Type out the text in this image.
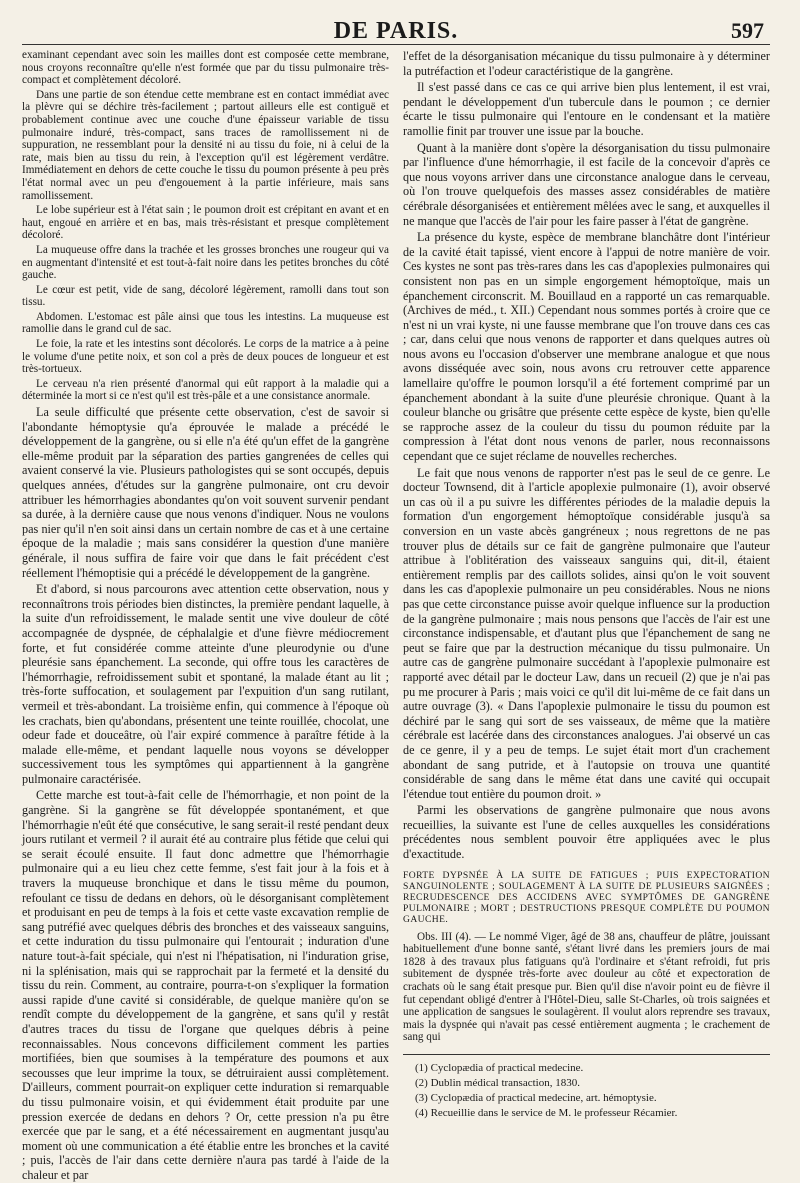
DE PARIS.	597

examinant cependant avec soin les mailles dont est composée cette membrane, nous croyons reconnaître qu'elle n'est formée que par du tissu pulmonaire très-compact et complètement décoloré.

Dans une partie de son étendue cette membrane est en contact immédiat avec la plèvre qui se déchire très-facilement ; partout ailleurs elle est contiguë et probablement continue avec une couche d'une épaisseur variable de tissu pulmonaire induré, très-compact, sans traces de ramollissement ni de suppuration, ne ressemblant pour la densité ni au tissu du foie, ni à celui de la rate, mais bien au tissu du rein, à l'exception qu'il est légèrement verdâtre. Immédiatement en dehors de cette couche le tissu du poumon présente à peu près l'état normal avec un peu d'engouement à la partie inférieure, mais sans ramollissement.

Le lobe supérieur est à l'état sain ; le poumon droit est crépitant en avant et en haut, engoué en arrière et en bas, mais très-résistant et presque complètement décoloré.

La muqueuse offre dans la trachée et les grosses bronches une rougeur qui va en augmentant d'intensité et est tout-à-fait noire dans les petites bronches du côté gauche.

Le cœur est petit, vide de sang, décoloré légèrement, ramolli dans tout son tissu.

Abdomen. L'estomac est pâle ainsi que tous les intestins. La muqueuse est ramollie dans le grand cul de sac.

Le foie, la rate et les intestins sont décolorés. Le corps de la matrice a à peine le volume d'une petite noix, et son col a près de deux pouces de longueur et est très-tortueux.

Le cerveau n'a rien présenté d'anormal qui eût rapport à la maladie qui a déterminée la mort si ce n'est qu'il est très-pâle et a une consistance anormale.

La seule difficulté que présente cette observation, c'est de savoir si l'abondante hémoptysie qu'a éprouvée le malade a précédé le développement de la gangrène, ou si elle n'a été qu'un effet de la gangrène elle-même produit par la séparation des parties gangrenées de celles qui avaient conservé la vie. Plusieurs pathologistes qui se sont occupés, depuis quelques années, d'études sur la gangrène pulmonaire, ont cru devoir attribuer les hémorrhagies abondantes qu'on voit souvent survenir pendant sa durée, à la dernière cause que nous venons d'indiquer. Nous ne voulons pas nier qu'il n'en soit ainsi dans un certain nombre de cas et à une certaine époque de la maladie ; mais sans considérer la question d'une manière générale, il nous suffira de faire voir que dans le fait précédent c'est réellement l'hémoptisie qui a précédé le développement de la gangrène.

Et d'abord, si nous parcourons avec attention cette observation, nous y reconnaîtrons trois périodes bien distinctes, la première pendant laquelle, à la suite d'un refroidissement, le malade sentit une vive douleur de côté accompagnée de dyspnée, de céphalalgie et d'une fièvre médiocrement forte, et fut considérée comme atteinte d'une pleurodynie ou d'une pleurésie sans épanchement. La seconde, qui offre tous les caractères de l'hémorrhagie, refroidissement subit et spontané, la malade étant au lit ; très-forte suffocation, et soulagement par l'expuition d'un sang rutilant, vermeil et très-abondant. La troisième enfin, qui commence à l'époque où les crachats, bien qu'abondans, présentent une teinte rouillée, chocolat, une odeur fade et douceâtre, où l'air expiré commence à paraître fétide à la malade elle-même, et pendant laquelle nous voyons se développer successivement tous les symptômes qui appartiennent à la gangrène pulmonaire caractérisée.

Cette marche est tout-à-fait celle de l'hémorrhagie, et non point de la gangrène. Si la gangrène se fût développée spontanément, et que l'hémorrhagie n'eût été que consécutive, le sang serait-il resté pendant deux jours rutilant et vermeil ? il aurait été au contraire plus fétide que celui qui se serait écoulé ensuite. Il faut donc admettre que l'hémorrhagie pulmonaire qui a eu lieu chez cette femme, s'est fait jour à la fois et à travers la muqueuse bronchique et dans le tissu même du poumon, refoulant ce tissu de dedans en dehors, où le désorganisant complètement et produisant en peu de temps à la fois et cette vaste excavation remplie de sang putréfié avec quelques débris des bronches et des vaisseaux sanguins, et cette induration du tissu pulmonaire qui l'entourait ; induration d'une nature tout-à-fait spéciale, qui n'est ni l'hépatisation, ni l'induration grise, ni la splénisation, mais qui se rapprochait par la fermeté et la densité du tissu du rein. Comment, au contraire, pourra-t-on s'expliquer la formation aussi rapide d'une cavité si considérable, de quelque manière qu'on se rendît compte du développement de la gangrène, et sans qu'il y restât d'autres traces du tissu de l'organe que quelques débris à peine reconnaissables. Nous concevons difficilement comment les parties mortifiées, bien que soumises à la température des poumons et aux secousses que leur imprime la toux, se détruiraient aussi complètement. D'ailleurs, comment pourrait-on expliquer cette induration si remarquable du tissu pulmonaire voisin, et qui évidemment était produite par une pression exercée de dedans en dehors ? Or, cette pression n'a pu être exercée que par le sang, et a été nécessairement en augmentant jusqu'au moment où une communication a été établie entre les bronches et la cavité ; puis, l'accès de l'air dans cette dernière n'aura pas tardé à l'aide de la chaleur et par

l'effet de la désorganisation mécanique du tissu pulmonaire à y déterminer la putréfaction et l'odeur caractéristique de la gangrène.

Il s'est passé dans ce cas ce qui arrive bien plus lentement, il est vrai, pendant le développement d'un tubercule dans le poumon ; ce dernier écarte le tissu pulmonaire qui l'entoure en le condensant et la matière ramollie finit par trouver une issue par la bouche.

Quant à la manière dont s'opère la désorganisation du tissu pulmonaire par l'influence d'une hémorrhagie, il est facile de la concevoir d'après ce que nous voyons arriver dans une circonstance analogue dans le cerveau, où l'on trouve quelquefois des masses assez considérables de matière cérébrale désorganisées et entièrement mêlées avec le sang, et auxquelles il ne manque que l'accès de l'air pour les faire passer à l'état de gangrène.

La présence du kyste, espèce de membrane blanchâtre dont l'intérieur de la cavité était tapissé, vient encore à l'appui de notre manière de voir. Ces kystes ne sont pas très-rares dans les cas d'apoplexies pulmonaires qui consistent non pas en un simple engorgement hémoptoïque, mais un épanchement circonscrit. M. Bouillaud en a rapporté un cas remarquable. (Archives de méd., t. XII.) Cependant nous sommes portés à croire que ce n'est ni un vrai kyste, ni une fausse membrane que l'on trouve dans ces cas ; car, dans celui que nous venons de rapporter et dans quelques autres où nous avons eu l'occasion d'observer une membrane analogue et que nous avons disséquée avec soin, nous avons cru retrouver cette apparence lamellaire qu'offre le poumon lorsqu'il a été fortement comprimé par un épanchement abondant à la suite d'une pleurésie chronique. Quant à la couleur blanche ou grisâtre que présente cette espèce de kyste, bien qu'elle se rapproche assez de la couleur du tissu du poumon réduite par la compression à l'état dont nous venons de parler, nous reconnaissons cependant que ce sujet réclame de nouvelles recherches.

Le fait que nous venons de rapporter n'est pas le seul de ce genre. Le docteur Townsend, dit à l'article apoplexie pulmonaire (1), avoir observé un cas où il a pu suivre les différentes périodes de la maladie depuis la formation d'un engorgement hémoptoïque considérable jusqu'à sa conversion en un vaste abcès gangréneux ; nous regrettons de ne pas trouver plus de détails sur ce fait de gangrène pulmonaire que l'auteur attribue à l'oblitération des vaisseaux sanguins qui, dit-il, étaient entièrement remplis par des caillots solides, ainsi qu'on le voit souvent dans les cas d'apoplexie pulmonaire un peu considérables. Nous ne nions pas que cette circonstance puisse avoir quelque influence sur la production de la gangrène pulmonaire ; mais nous pensons que l'accès de l'air est une circonstance indispensable, et d'autant plus que l'épanchement de sang ne peut se faire que par la destruction mécanique du tissu pulmonaire. Un autre cas de gangrène pulmonaire succédant à l'apoplexie pulmonaire est rapporté avec détail par le docteur Law, dans un recueil (2) que je n'ai pas pu me procurer à Paris ; mais voici ce qu'il dit lui-même de ce fait dans un autre ouvrage (3). « Dans l'apoplexie pulmonaire le tissu du poumon est déchiré par le sang qui sort de ses vaisseaux, de même que la matière cérébrale est lacérée dans des circonstances analogues. J'ai observé un cas de ce genre, il y a peu de temps. Le sujet était mort d'un crachement abondant de sang putride, et à l'autopsie on trouva une quantité considérable de sang dans le même état dans une cavité qui occupait l'étendue tout entière du poumon droit. »

Parmi les observations de gangrène pulmonaire que nous avons recueillies, la suivante est l'une de celles auxquelles les considérations précédentes nous semblent pouvoir être appliquées avec le plus d'exactitude.

FORTE DYPSNÉE À LA SUITE DE FATIGUES ; PUIS EXPECTORATION SANGUINOLENTE ; SOULAGEMENT À LA SUITE DE PLUSIEURS SAIGNÉES ; RECRUDESCENCE DES ACCIDENS AVEC SYMPTÔMES DE GANGRÈNE PULMONAIRE ; MORT ; DESTRUCTIONS PRESQUE COMPLÈTE DU POUMON GAUCHE.

Obs. III (4). — Le nommé Viger, âgé de 38 ans, chauffeur de plâtre, jouissant habituellement d'une bonne santé, s'étant livré dans les premiers jours de mai 1828 à des travaux plus fatiguans qu'à l'ordinaire et s'étant refroidi, fut pris subitement de dyspnée très-forte avec douleur au côté et expectoration de crachats où le sang était presque pur. Bien qu'il dise n'avoir point eu de fièvre il fut cependant obligé d'entrer à l'Hôtel-Dieu, salle St-Charles, où trois saignées et une application de sangsues le soulagèrent. Il voulut alors reprendre ses travaux, mais la dyspnée qui n'avait pas cessé entièrement augmenta ; le crachement de sang qui

(1) Cyclopædia of practical medecine.
(2) Dublin médical transaction, 1830.
(3) Cyclopædia of practical medecine, art. hémoptysie.
(4) Recueillie dans le service de M. le professeur Récamier.
